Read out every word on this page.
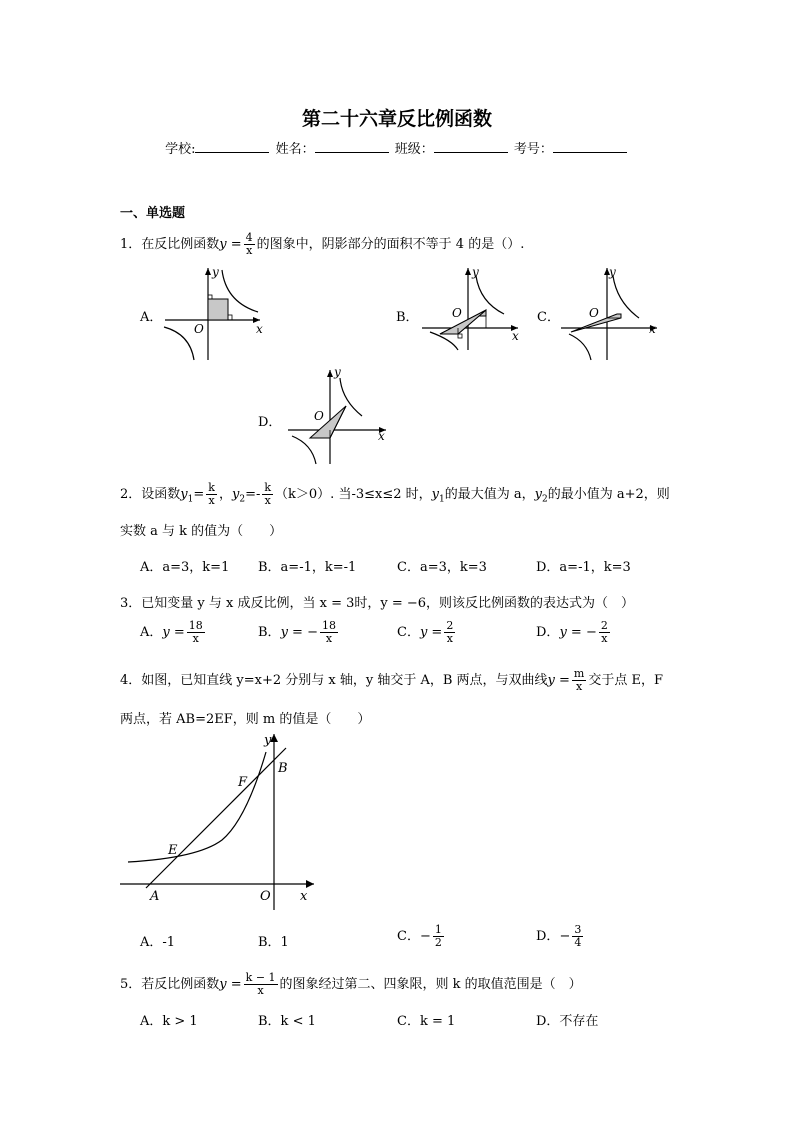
第二十六章反比例函数
学校:	姓名：	班级：	考号：
一、单选题
1．在反比例函数$y = \frac{4}{x}$ 的图象中，阴影部分的面积不等于 4 的是（）.
A．	B．	C．
D．
O
y
x
O
y
x
O
y
x
O
y
x
2．设函数$y_1= \frac{k}{x}$ ，$y_2=- \frac{k}{x} (k>0)$. 当-3≤x≤2 时，$y_1$的最大值为 a，$y_2$的最小值为 a+2，则
实数 a 与 k 的值为（　　）
A．a=3，k=1 B．a=-1，k=-1	C．a=3，k=3	D．a=-1，k=3
3．已知变量 y 与 x 成反比例，当 x = 3时，y = −6，则该反比例函数的表达式为（　）
A．$y = \frac{18}{x}$	B．y = − $\frac{18}{x}$	C．$y = \frac{2}{x}$	D．y = − $\frac{2}{x}$
4．如图，已知直线 y=x+2 分别与 x 轴，y 轴交于 A，B 两点，与双曲线$y = \frac{m}{x}$ 交于点 E，F
两点，若 AB=2EF，则 m 的值是（　　）
y
x
B
F
E
A	O
A．-1	B．1	C．− $\frac{1}{2}$	D．− $\frac{3}{4}$
5．若反比例函数$y = \frac{k - 1}{x}$ 的图象经过第二、四象限，则 k 的取值范围是（　）
A．k > 1	B．k < 1	C．k = 1	D．不存在
